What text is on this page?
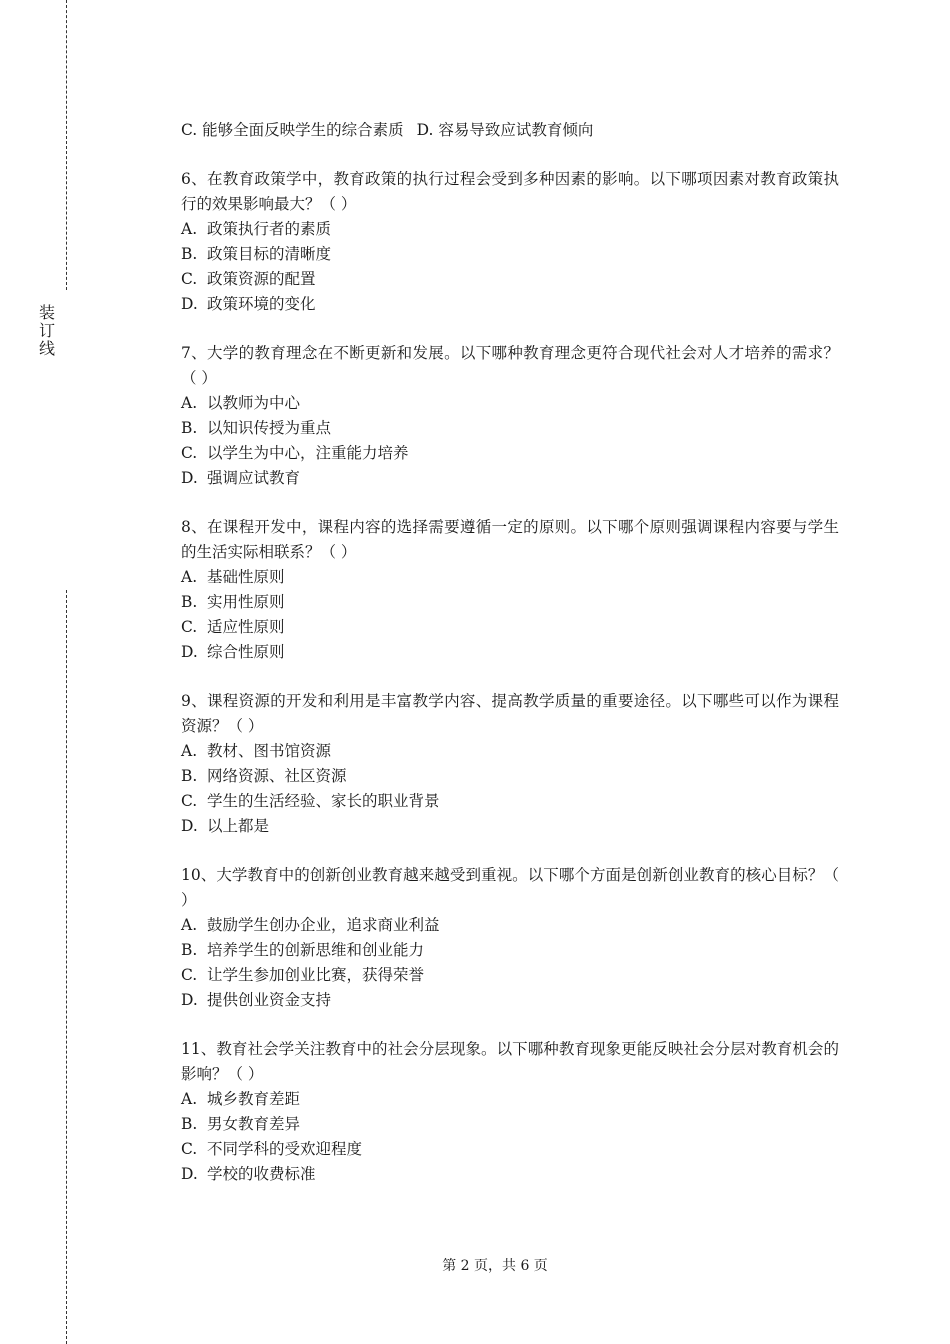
装
订
线
C. 能够全面反映学生的综合素质 D. 容易导致应试教育倾向
6、在教育政策学中，教育政策的执行过程会受到多种因素的影响。以下哪项因素对教育政策执行的效果影响最大？（ ）
A. 政策执行者的素质
B. 政策目标的清晰度
C. 政策资源的配置
D. 政策环境的变化
7、大学的教育理念在不断更新和发展。以下哪种教育理念更符合现代社会对人才培养的需求？（ ）
A. 以教师为中心
B. 以知识传授为重点
C. 以学生为中心，注重能力培养
D. 强调应试教育
8、在课程开发中，课程内容的选择需要遵循一定的原则。以下哪个原则强调课程内容要与学生的生活实际相联系？（ ）
A. 基础性原则
B. 实用性原则
C. 适应性原则
D. 综合性原则
9、课程资源的开发和利用是丰富教学内容、提高教学质量的重要途径。以下哪些可以作为课程资源？（ ）
A. 教材、图书馆资源
B. 网络资源、社区资源
C. 学生的生活经验、家长的职业背景
D. 以上都是
10、大学教育中的创新创业教育越来越受到重视。以下哪个方面是创新创业教育的核心目标？（ ）
A. 鼓励学生创办企业，追求商业利益
B. 培养学生的创新思维和创业能力
C. 让学生参加创业比赛，获得荣誉
D. 提供创业资金支持
11、教育社会学关注教育中的社会分层现象。以下哪种教育现象更能反映社会分层对教育机会的影响？（ ）
A. 城乡教育差距
B. 男女教育差异
C. 不同学科的受欢迎程度
D. 学校的收费标准
第 2 页，共 6 页
